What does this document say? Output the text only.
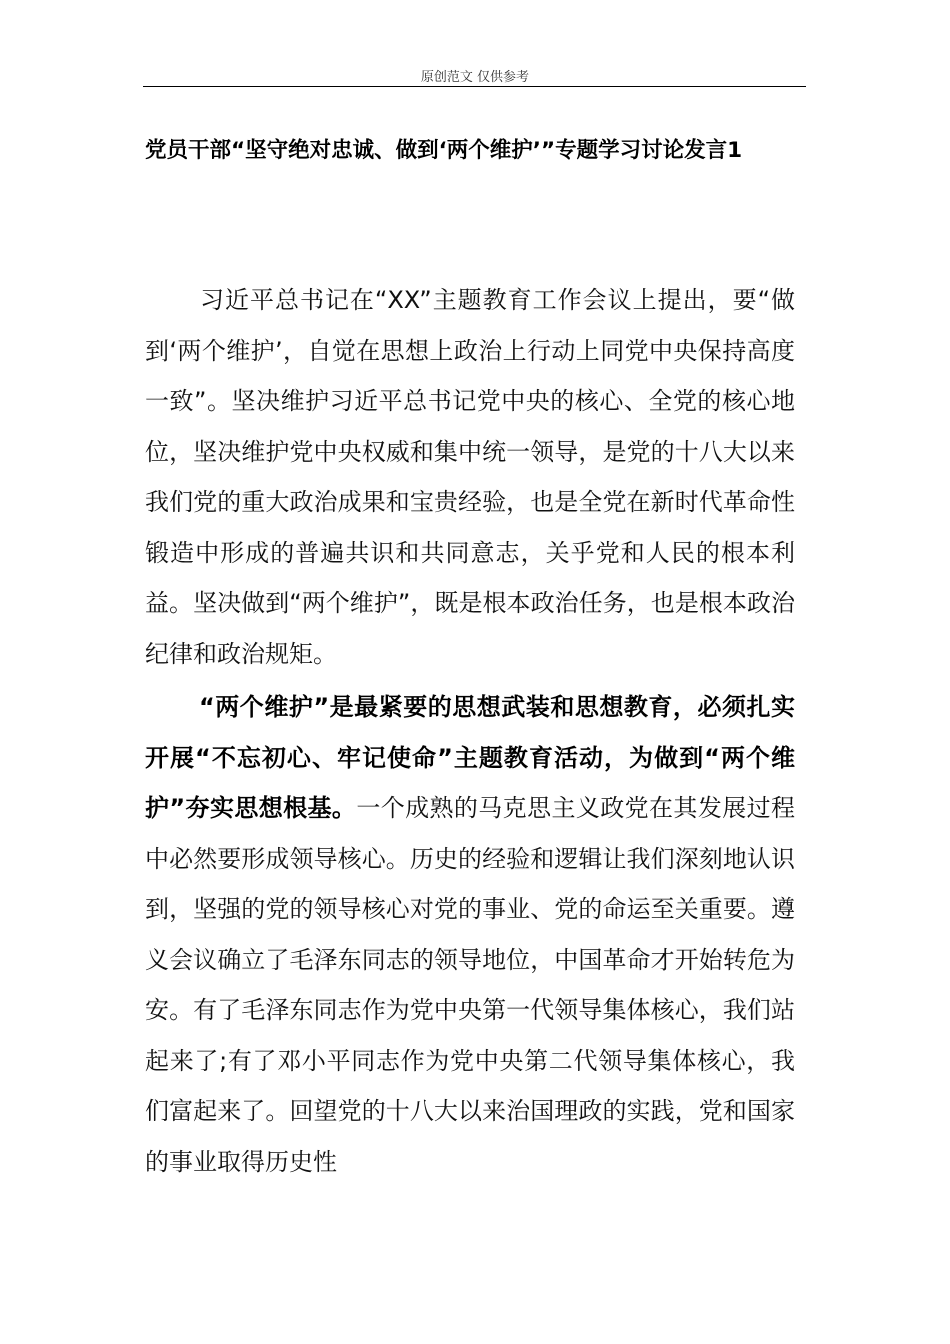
原创范文 仅供参考
党员干部“坚守绝对忠诚、做到‘两个维护’”专题学习讨论发言1

习近平总书记在“XX”主题教育工作会议上提出，要“做到‘两个维护’，自觉在思想上政治上行动上同党中央保持高度一致”。坚决维护习近平总书记党中央的核心、全党的核心地位，坚决维护党中央权威和集中统一领导，是党的十八大以来我们党的重大政治成果和宝贵经验，也是全党在新时代革命性锻造中形成的普遍共识和共同意志，关乎党和人民的根本利益。坚决做到“两个维护”，既是根本政治任务，也是根本政治纪律和政治规矩。

“两个维护”是最紧要的思想武装和思想教育，必须扎实开展“不忘初心、牢记使命”主题教育活动，为做到“两个维护”夯实思想根基。一个成熟的马克思主义政党在其发展过程中必然要形成领导核心。历史的经验和逻辑让我们深刻地认识到，坚强的党的领导核心对党的事业、党的命运至关重要。遵义会议确立了毛泽东同志的领导地位，中国革命才开始转危为安。有了毛泽东同志作为党中央第一代领导集体核心，我们站起来了;有了邓小平同志作为党中央第二代领导集体核心，我们富起来了。回望党的十八大以来治国理政的实践，党和国家的事业取得历史性
